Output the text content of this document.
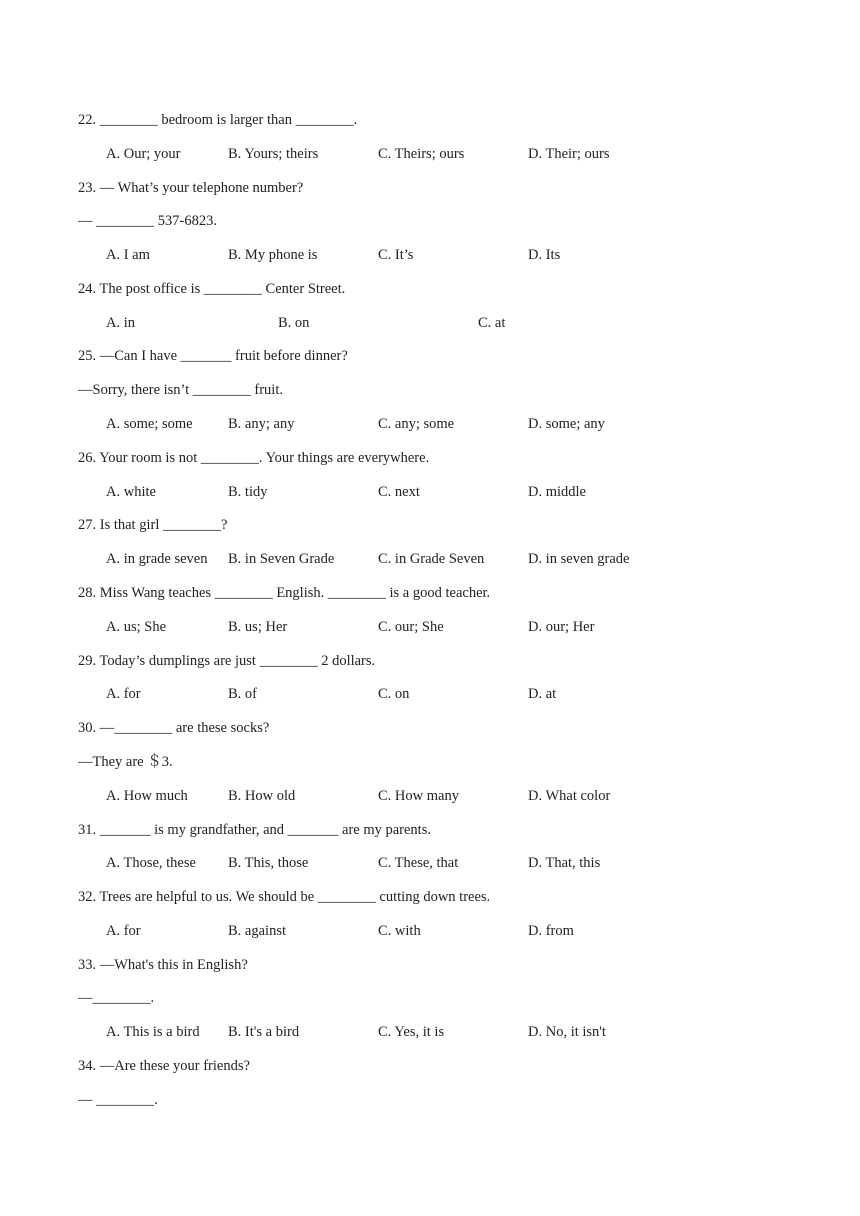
22. ________ bedroom is larger than ________.
A. Our; your	B. Yours; theirs	C. Theirs; ours	D. Their; ours
23. — What’s your telephone number?
— ________ 537-6823.
A. I am	B. My phone is	C. It’s	D. Its
24. The post office is ________ Center Street.
A. in	B. on	C. at
25. —Can I have _______ fruit before dinner?
—Sorry, there isn’t ________ fruit.
A. some; some B. any; any	C. any; some	D. some; any
26. Your room is not ________. Your things are everywhere.
A. white	B. tidy	C. next	D. middle
27. Is that girl ________?
A. in grade seven B. in Seven Grade	C. in Grade Seven	D. in seven grade
28. Miss Wang teaches ________ English. ________ is a good teacher.
A. us; She	B. us; Her	C. our; She	D. our; Her
29. Today’s dumplings are just ________ 2 dollars.
A. for	B. of	C. on	D. at
30. —________ are these socks?
—They are ＄3.
A. How much	B. How old	C. How many	D. What color
31. _______ is my grandfather, and _______ are my parents.
A. Those, these B. This, those	C. These, that	D. That, this
32. Trees are helpful to us. We should be ________ cutting down trees.
A. for	B. against	C. with	D. from
33. —What's this in English?
—________.
A. This is a bird B. It's a bird	C. Yes, it is	D. No, it isn't
34. —Are these your friends?
— ________.
